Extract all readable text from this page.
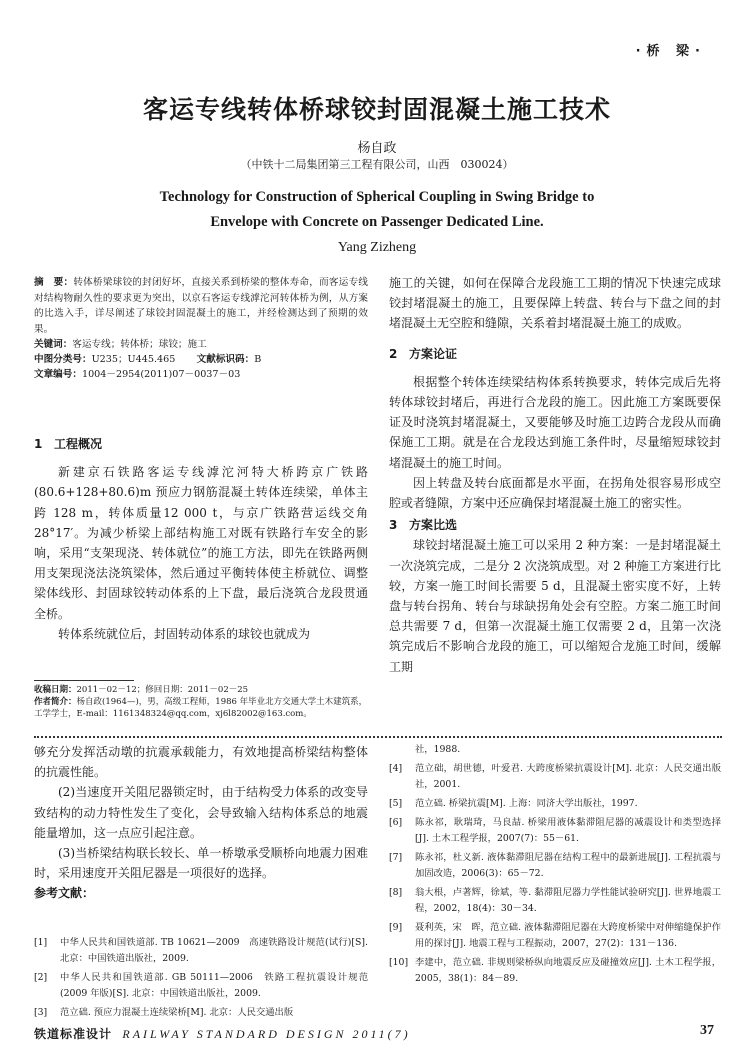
·桥 梁·
客运专线转体桥球铰封固混凝土施工技术
杨自政
（中铁十二局集团第三工程有限公司，山西　030024）
Technology for Construction of Spherical Coupling in Swing Bridge to
Envelope with Concrete on Passenger Dedicated Line.
Yang Zizheng
摘　要：转体桥梁球铰的封闭好坏，直接关系到桥梁的整体寿命，而客运专线对结构物耐久性的要求更为突出，以京石客运专线滹沱河转体桥为例，从方案的比选入手，详尽阐述了球铰封固混凝土的施工，并经检测达到了预期的效果。
关键词：客运专线；转体桥；球铰；施工
中图分类号：U235；U445.465 文献标识码：B
文章编号：1004－2954(2011)07－0037－03
1 工程概况

新建京石铁路客运专线滹沱河特大桥跨京广铁路(80.6+128+80.6)m 预应力钢筋混凝土转体连续梁，单体主跨 128 m，转体质量12 000 t，与京广铁路营运线交角 28°17′。为减少桥梁上部结构施工对既有铁路行车安全的影响，采用“支架现浇、转体就位”的施工方法，即先在铁路两侧用支架现浇法浇筑梁体，然后通过平衡转体使主桥就位、调整梁体线形、封固球铰转动体系的上下盘，最后浇筑合龙段贯通全桥。

转体系统就位后，封固转动体系的球铰也就成为

收稿日期：2011－02－12；修回日期：2011－02－25
作者简介：杨自政(1964—)，男，高级工程师，1986 年毕业北方交通大学土木建筑系，工学学士，E-mail：1161348324@qq.com，xj6l82002@163.com。

施工的关键，如何在保障合龙段施工工期的情况下快速完成球铰封堵混凝土的施工，且要保障上转盘、转台与下盘之间的封堵混凝土无空腔和缝隙，关系着封堵混凝土施工的成败。

2 方案论证

根据整个转体连续梁结构体系转换要求，转体完成后先将转体球铰封堵后，再进行合龙段的施工。因此施工方案既要保证及时浇筑封堵混凝土，又要能够及时施工边跨合龙段从而确保施工工期。就是在合龙段达到施工条件时，尽量缩短球铰封堵混凝土的施工时间。

因上转盘及转台底面都是水平面，在拐角处很容易形成空腔或者缝隙，方案中还应确保封堵混凝土施工的密实性。

3 方案比选

球铰封堵混凝土施工可以采用 2 种方案：一是封堵混凝土一次浇筑完成，二是分 2 次浇筑成型。对 2 种施工方案进行比较，方案一施工时间长需要 5 d，且混凝土密实度不好，上转盘与转台拐角、转台与球缺拐角处会有空腔。方案二施工时间总共需要 7 d，但第一次混凝土施工仅需要 2 d，且第一次浇筑完成后不影响合龙段的施工，可以缩短合龙施工时间，缓解工期

够充分发挥活动墩的抗震承载能力，有效地提高桥梁结构整体的抗震性能。

(2)当速度开关阻尼器锁定时，由于结构受力体系的改变导致结构的动力特性发生了变化，会导致输入结构体系总的地震能量增加，这一点应引起注意。

(3)当桥梁结构联长较长、单一桥墩承受顺桥向地震力困难时，采用速度开关阻尼器是一项很好的选择。

参考文献：
[1]	中华人民共和国铁道部. TB 10621—2009　高速铁路设计规范(试行)[S]. 北京：中国铁道出版社，2009.
[2]	中华人民共和国铁道部. GB 50111—2006　铁路工程抗震设计规范(2009 年版)[S]. 北京：中国铁道出版社，2009.
[3]	范立础. 预应力混凝土连续梁桥[M]. 北京：人民交通出版
社，1988.
[4]	范立础，胡世德，叶爱君. 大跨度桥梁抗震设计[M]. 北京：人民交通出版社，2001.
[5]	范立础. 桥梁抗震[M]. 上海：同济大学出版社，1997.
[6]	陈永祁，耿瑞琦，马良喆. 桥梁用液体黏滞阻尼器的减震设计和类型选择[J]. 土木工程学报，2007(7)：55－61.
[7]	陈永祁，杜义新. 液体黏滞阻尼器在结构工程中的最新进展[J]. 工程抗震与加固改造，2006(3)：65－72.
[8]	翁大根，卢著辉，徐斌，等. 黏滞阻尼器力学性能试验研究[J]. 世界地震工程，2002，18(4)：30－34.
[9]	聂利英，宋　晖，范立础. 液体黏滞阻尼器在大跨度桥梁中对伸缩缝保护作用的探讨[J]. 地震工程与工程振动，2007，27(2)：131－136.
[10] 李建中，范立础. 非规则梁桥纵向地震反应及碰撞效应[J]. 土木工程学报，2005，38(1)：84－89.
铁道标准设计 RAILWAY STANDARD DESIGN 2011(7)	37
